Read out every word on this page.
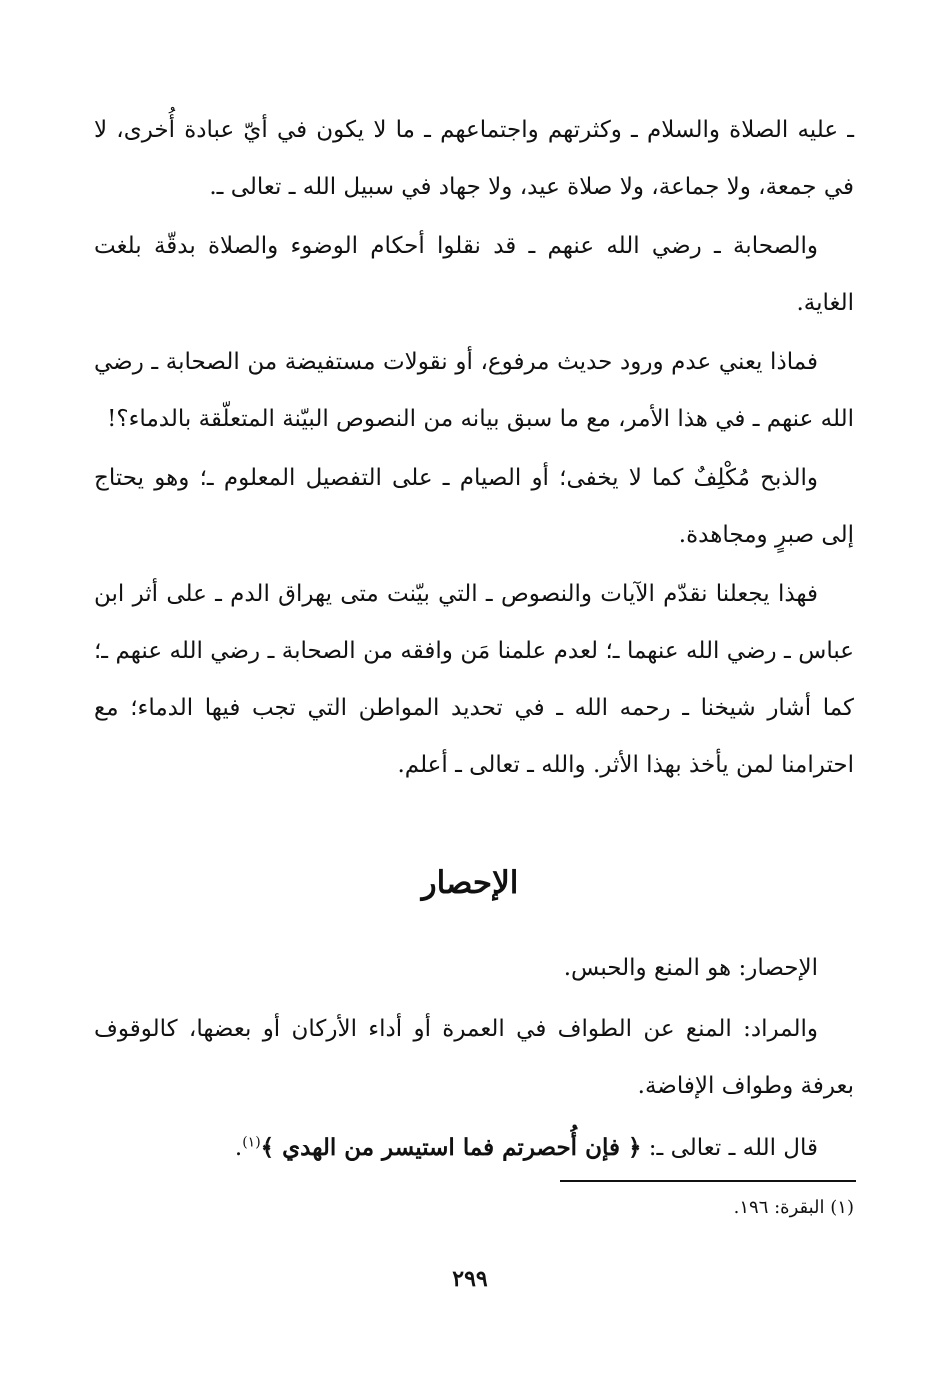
ـ عليه الصلاة والسلام ـ وكثرتهم واجتماعهم ـ ما لا يكون في أيّ عبادة أُخرى، لا في جمعة، ولا جماعة، ولا صلاة عيد، ولا جهاد في سبيل الله ـ تعالى ـ.

والصحابة ـ رضي الله عنهم ـ قد نقلوا أحكام الوضوء والصلاة بدقّة بلغت الغاية.

فماذا يعني عدم ورود حديث مرفوع، أو نقولات مستفيضة من الصحابة ـ رضي الله عنهم ـ في هذا الأمر، مع ما سبق بيانه من النصوص البيّنة المتعلّقة بالدماء؟!

والذبح مُكْلِفٌ كما لا يخفى؛ أو الصيام ـ على التفصيل المعلوم ـ؛ وهو يحتاج إلى صبرٍ ومجاهدة.

فهذا يجعلنا نقدّم الآيات والنصوص ـ التي بيّنت متى يهراق الدم ـ على أثر ابن عباس ـ رضي الله عنهما ـ؛ لعدم علمنا مَن وافقه من الصحابة ـ رضي الله عنهم ـ؛ كما أشار شيخنا ـ رحمه الله ـ في تحديد المواطن التي تجب فيها الدماء؛ مع احترامنا لمن يأخذ بهذا الأثر. والله ـ تعالى ـ أعلم.

الإحصار

الإحصار: هو المنع والحبس.

والمراد: المنع عن الطواف في العمرة أو أداء الأركان أو بعضها، كالوقوف بعرفة وطواف الإفاضة.

قال الله ـ تعالى ـ: ﴿ فإن أُحصرتم فما استيسر من الهدي ﴾$^{(١)}$.

(١) البقرة: ١٩٦.
٢٩٩
